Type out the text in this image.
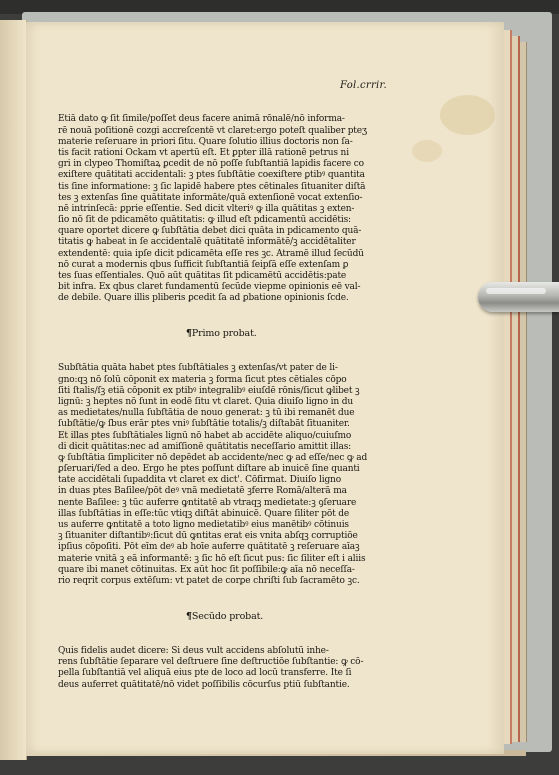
Fol.crrir.

Etiā dato ꝙ ſit ſimile/poſſet deus facere animā rōnalē/nō informa-
rē nouā poſitionē cozgi accreſcentē vt claret:ergo poteſt qualiber pteʒ
materie reſeruare in priori ſitu. Quare ſolutio illius doctoris non ſa-
tis facit rationi Ockam vt apertū eſt. Et ꝑpter illā rationē petrus ni
gri in clypeo Thomiſtaꝝ ꝑcedit de nō poſſe ſubſtantiā lapidis facere co
exiſtere quātitati accidentali: ꝫ ptes ſubſtātie coexiſtere ꝑtibꝰ quantita
tis ſine informatione: ꝫ ſic lapidē habere ptes cētinales ſituaniter diſtā
tes ꝫ extenſas ſine quātitate informāte/quā extenſionē vocat extenſio-
nē intrinſecā: ꝑprie eſſentie. Sed dicit vlteriꝰ ꝙ illa quātitas ꝫ exten-
ſio nō ſit de pdicamēto quātitatis: ꝙ illud eſt pdicamentū accidētis:
quare oportet dicere ꝙ ſubſtātia debet dici quāta in pdicamento quā-
titatis ꝙ habeat in ſe accidentalē quātitatē informātē/ꝫ accidētaliter
extendentē: quia ipſe dicit pdicamēta eſſe res ꝫc. Atramē illud ſecūdū
nō curat a modernis qbus ſufficit ſubſtantiā ſeipſā eſſe extenſam ꝑ
tes ſuas eſſentiales. Quō aūt quātitas ſit pdicamētū accidētis:pate
bit infra. Ex qbus claret fundamentū ſecūde viepme opinionis eē val-
de debile. Quare illis pliberis ꝑcedit ſa ad ꝑbatione opinionis ſcde.

¶Primo probat.

Subſtātia quāta habet ptes ſubſtātiales ꝫ extenſas/vt pater de li-
gno:qꝫ nō ſolū cōponit ex materia ꝫ forma ſicut ptes cētiales cōpo
ſiti ſtalis/ſꝫ etiā cōponit ex ptibꝰ integralibꝰ eiuſdē rōnis/ſicut ꝙlibet ꝫ
lignū: ꝫ heptes nō ſunt in eodē ſitu vt claret. Quia diuiſo ligno in du
as medietates/nulla ſubſtātia de nouo generat: ꝫ tū ibi remanēt due
ſubſtātie/ꝙ ſbus erār ptes vniꝰ ſubſtātie totalis/ꝫ diſtabāt ſituaniter.
Et illas ptes ſubſtātiales lignū nō habet ab accidēte aliquo/cuiuſmo
di dicit quātitas:nec ad amiſſionē quātitatis neceſſario amittit illas:
ꝙ ſubſtātia ſimpliciter nō depēdet ab accidente/nec ꝙ ad eſſe/nec ꝙ ad
ꝑſeruari/ſed a deo. Ergo he ptes poſſunt diſtare ab inuicē ſine quanti
tate accidētali ſupaddita vt claret ex dict'. Cōfirmat. Diuiſo ligno
in duas ptes Baſilee/pōt deꝰ vnā medietatē ꝫferre Romā/alterā ma
nente Baſilee: ꝫ tūc auferre ꝙntitatē ab vtraqꝫ medietate:ꝫ ꝯſeruare
illas ſubſtātias in eſſe:tūc vtiqꝫ diſtāt abinuicē. Quare ſiliter pōt de
us auferre ꝙntitatē a toto ligno medietatibꝰ eius manētibꝰ cōtinuis
ꝫ ſituaniter diſtantibꝰ:ſicut dū ꝙntitas erat eis vnita abſqꝫ corruptiōe
ipſius cōpoſiti. Pōt eīm deꝰ ab hoīe auferre quātitatē ꝫ reſeruare aīaꝫ
materie vnitā ꝫ eā informantē: ꝫ ſic hō eſt ſicut pus: ſic ſiliter eſt i aliis
quare ibi manet cōtinuitas. Ex aūt hoc ſit poſſibile:ꝙ aīa nō neceſſa-
rio reqrit corpus extēſum: vt patet de corꝑe chriſti ſub ſacramēto ꝫc.

¶Secūdo probat.

Quis fidelis audet dicere: Si deus vult accidens abſolutū inhe-
rens ſubſtātie ſeparare vel deſtruere ſine deſtructiōe ſubſtantie: ꝙ cō-
pella ſubſtantiā vel aliquā eius pte de loco ad locū transferre. Ite ſi
deus auferret quātitatē/nō videt poſſibilis cōcurſus ptiū ſubſtantie.
